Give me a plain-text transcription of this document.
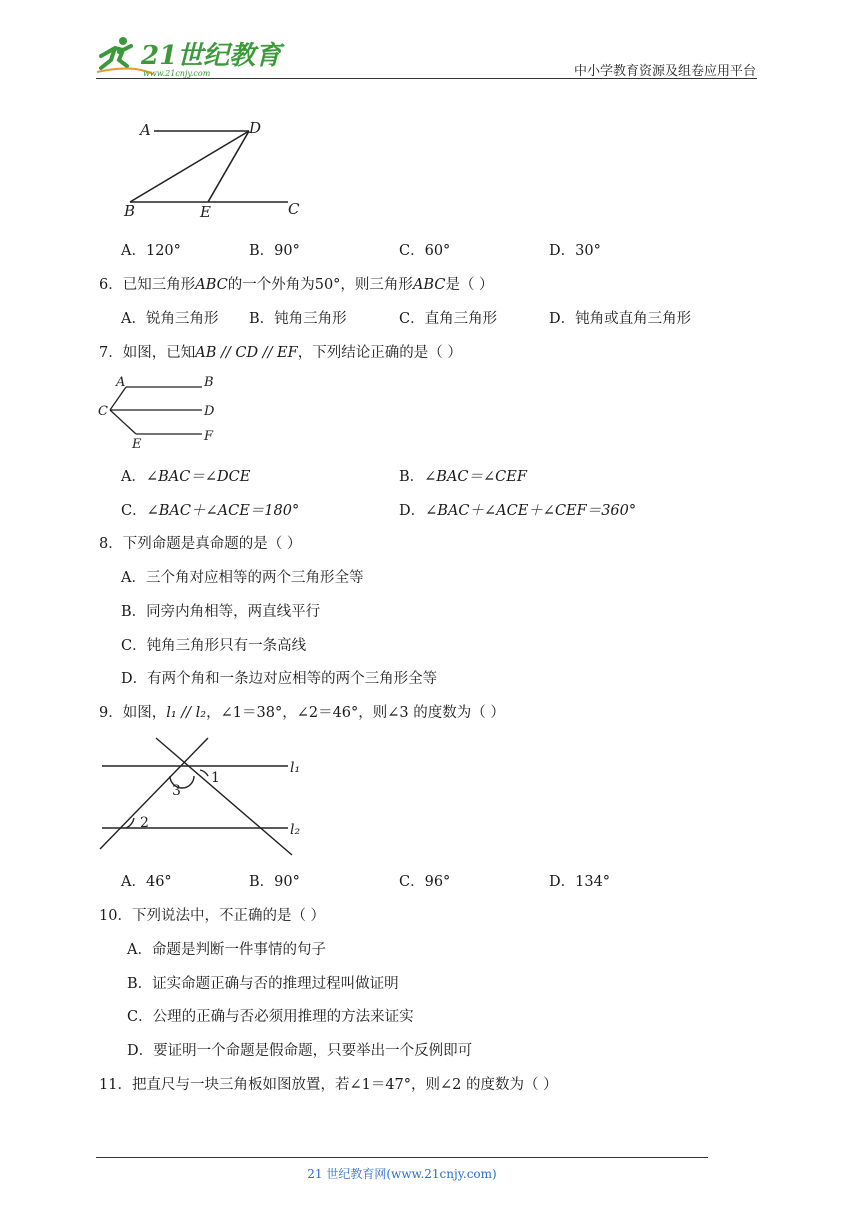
21世纪教育
www.21cnjy.com	中小学教育资源及组卷应用平台
A	D
B	E	C
A．120°	B．90°	C．60°	D．30°
6．已知三角形ABC的一个外角为50°，则三角形ABC是（ ）
A．锐角三角形 B．钝角三角形	C．直角三角形	D．钝角或直角三角形
7．如图，已知AB // CD // EF，下列结论正确的是（ ）
A	B
C	D
E
F
A．∠BAC＝∠DCE	B．∠BAC＝∠CEF
C．∠BAC＋∠ACE＝180°	D．∠BAC＋∠ACE＋∠CEF＝360°
8．下列命题是真命题的是（ ）
A．三个角对应相等的两个三角形全等
B．同旁内角相等，两直线平行
C．钝角三角形只有一条高线
D．有两个角和一条边对应相等的两个三角形全等
9．如图，l₁ // l₂，∠1＝38°，∠2＝46°，则∠3 的度数为（ ）
1
2
3
l₁
l₂
A．46°	B．90°	C．96°	D．134°
10．下列说法中，不正确的是（ ）
A．命题是判断一件事情的句子
B．证实命题正确与否的推理过程叫做证明
C．公理的正确与否必须用推理的方法来证实
D．要证明一个命题是假命题，只要举出一个反例即可
11．把直尺与一块三角板如图放置，若∠1＝47°，则∠2 的度数为（ ）
21 世纪教育网(www.21cnjy.com)
